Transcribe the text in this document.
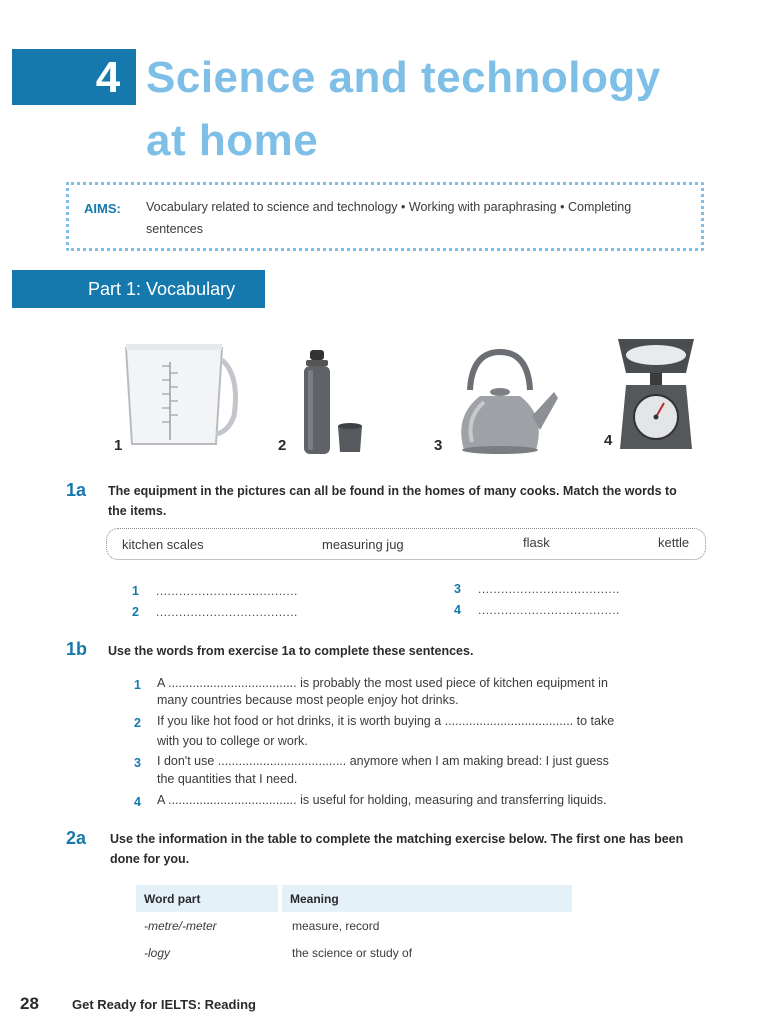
4 Science and technology
at home
AIMS: Vocabulary related to science and technology • Working with paraphrasing • Completing sentences
Part 1: Vocabulary
1	2	3	4
1a The equipment in the pictures can all be found in the homes of many cooks. Match the words to the items.
kitchen scales	measuring jug	flask	kettle
1 .....................................
2 .....................................
3 .....................................
4 .....................................
1b Use the words from exercise 1a to complete these sentences.
1 A ..................................... is probably the most used piece of kitchen equipment in
many countries because most people enjoy hot drinks.
2 If you like hot food or hot drinks, it is worth buying a ..................................... to take
with you to college or work.
3 I don't use ..................................... anymore when I am making bread: I just guess
the quantities that I need.
4 A ..................................... is useful for holding, measuring and transferring liquids.
2a Use the information in the table to complete the matching exercise below. The first one has been done for you.
Word part	Meaning
-metre/-meter	measure, record
-logy	the science or study of
28	Get Ready for IELTS: Reading
